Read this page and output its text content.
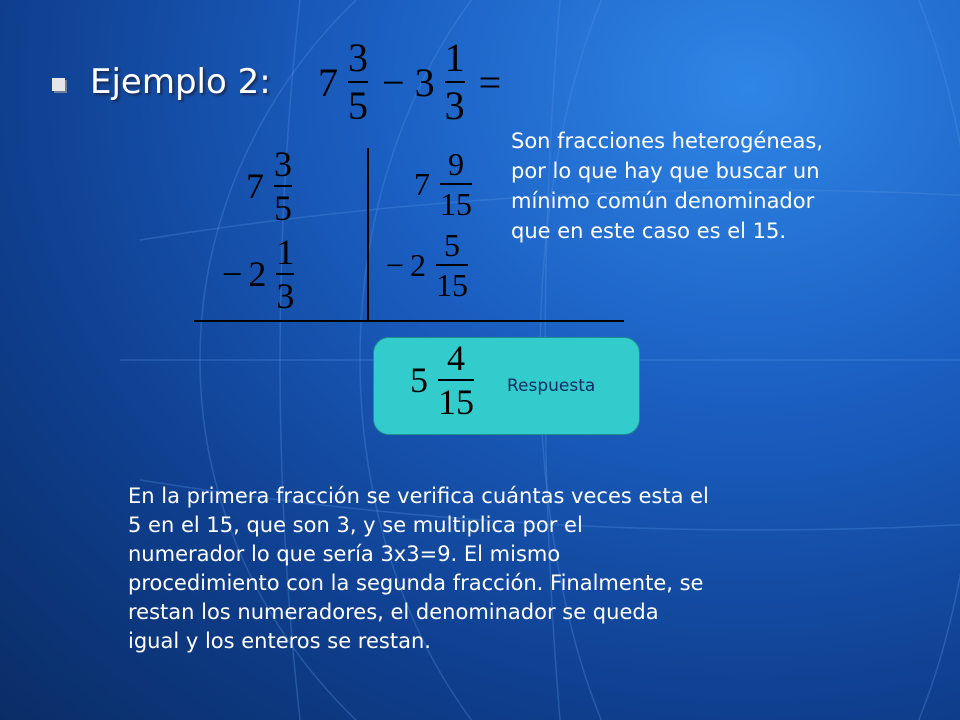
Ejemplo 2: $7 \frac{3}{5} - 3 \frac{1}{3}$ =
$7 \frac{3}{5}$
− $2 \frac{1}{3}$
$7 \frac{9}{15}$
− $2 \frac{5}{15}$
Son fracciones heterogéneas,
por lo que hay que buscar un
mínimo común denominador
que en este caso es el 15.
$5 \frac{4}{15}$ Respuesta
En la primera fracción se verifica cuántas veces esta el
5 en el 15, que son 3, y se multiplica por el
numerador lo que sería 3x3=9. El mismo
procedimiento con la segunda fracción. Finalmente, se
restan los numeradores, el denominador se queda
igual y los enteros se restan.
